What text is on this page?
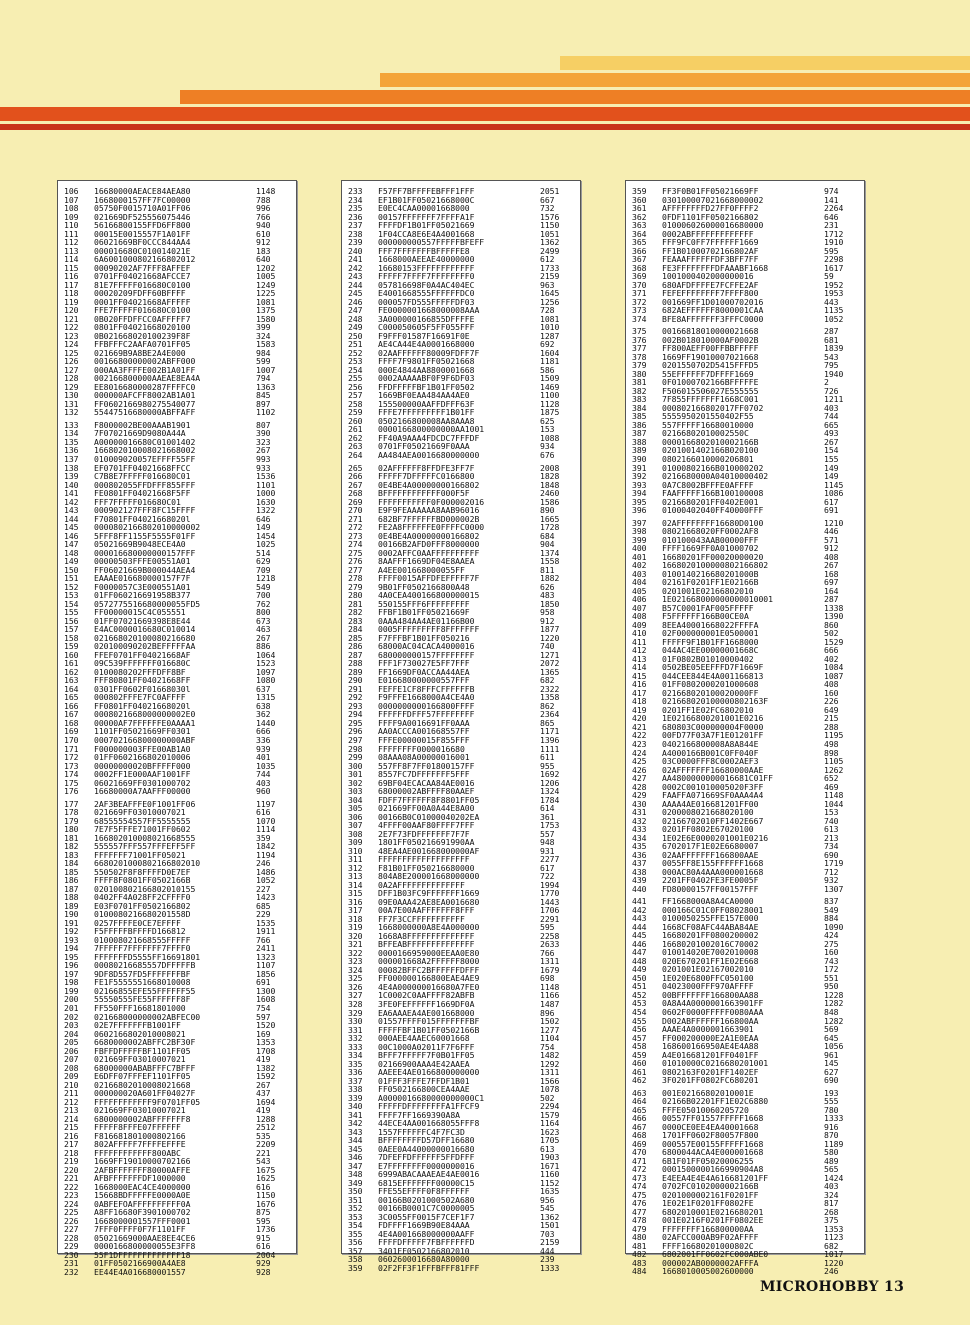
106	16680000AEACE84AEA80	1148
107	1668000157FF7FC00000	788
108	05750F0015710A01FF06	996
109	021669DF525556075446	766
110	56166800155FFD6FF800	940
111	00015E0015557F1A01FF	610
112	06021669BF0CCC844AA4	912
113	000016680C010014021E	183
114	6A6001000802166802012	640
115	00090202AF7FFF8AFFEF	1202
116	0701FF04021668AFCCE7	1005
117	81E7FFFFF016680C0100	1249
118	00020209FDFF60BFFFF	1225
119	0001FF04021668AFFFFF	1081
120	FFE7FFFFF016680C0100	1375
121	0B020FFDFFCC0AFFFFF7	1580
122	0801FF04021668020100	399
123	0B021668020100239F8F	324
124	FFBFFFC2AAFA0701FF05	1583
125	021669B9A8BE2A4E000	984
126	00166800000002ABFF000	599
127	000AA3FFFFE002B1A01FF	1007
128	002166800000AAEAE8EA4A	794
129	EE8016680000287FFFFC0	1363
130	000000AFCFF8002AB1A01	845
131	FF0602166980275540077	897
132	55447516680000ABFFAFF	1102
133	F8000002BE00AAAB1901	807
134	7F07021669D9080A44A	390
135	A00000016680C01001402	323
136	166802010008021668002	267
137	010009020057EFFFF55FF	993
138	EF0701FF04021668FFCC	933
139	C7B8E7FFFFF016680C01	1536
140	000802055FFDFFF855FFF	1101
141	FE0801FF04021668F5FF	1000
142	FFF7FFFFF016680C01	1630
143	000902127FFF8FC15FFFF	1322
144	F70801FF04021668020l	646
145	0000802166802010000002	149
146	5FFF8FF1155F5555F01FF	1454
147	05021669B9048ECE4A0	1025
148	000016680000000157FFF	514
149	00000503FFFE00551A01	629
150	FF06021669B000044AEA4	709
151	EAAAE016680000157F7F	1218
152	F0000057C3E000551A01	549
153	01FF060216691958B377	700
154	0572775516680000055FD5	762
155	FF00000015C4C055551	800
156	01FF07021669398E8E44	673
157	E4AC0000016680C010014	463
158	021668020100080216680	267
159	020100090202BEFFFFFAA	886
160	FFEF0701FF04021668AF	1064
161	09C539FFFFFFF016680C	1523
162	0100080202FFFDFF8BF	1097
163	FFF80801FF04021668FF	1080
164	0301FF0602F01668030l	637
165	000802FFFE7FC0AFFFF	1315
166	FF0801FF04021668020l	638
167	0008021668000000002E0	362
168	00000AF7FFFFFFE0AAAA1	1440
169	1101FF05021669FF0301	666
170	000702166800000000ABF	336
171	F000000003FFE00AB1A0	939
172	01FF0602166802010006	401
173	00000000020BFFFFF000	1035
174	0002FF1E000AAF1001FF	744
175	06021669FF0301000702	403
176	16680000A7AAFFF00000	960
177	2AF3BEAFFFE0F1001FF06	1197
178	021669FF03010007021	616
179	68555554557FF5555555	1070
180	7E7F5FFFE71001FF0602	1114
181	166802010008021668555	359
182	555557FFF557FFFEFF5FF	1842
183	FFFFFFF71001FF05021	1194
184	6680201000802166802010	246
185	550502F8F8FFFFD0E7EF	1486
186	FFFF8F0801FF0502166B	1052
187	020100802166802010155	227
188	0402FF4A028FF2CFFFF0	1423
189	E03F0701FF0502166802	685
190	0100080216680201558D	229
191	0257FFFFE0CE7EFFFF	1535
192	F5FFFFFBFFFFD166812	1911
193	010008021668555FFFFF	766
194	7FFFFF7FFFFFFF7FFFF0	2411
195	FFFFFFFD5555FF16691801	1323
196	00080216685557DFFFFFB	1107
197	9DF8D557FD5FFFFFFFBF	1856
198	FE1F5555551668010008	691
199	02166855EFE55FFFFFF55	1300
200	55550555FE55FFFFFF8F	1608
201	FF550FFF16681801000	754
202	021668000000002ABFEC00	597
203	02E7FFFFFFFB1001FF	1520
204	0602166802010008021	169
205	6680000002ABFFC2BF30F	1353
206	FBFFDFFFFFBF1101FF05	1708
207	021669FF03010007021	419
208	68000000ABABFFFC7BFFF	1382
209	E6DFF07FFFEF1101FF05	1592
210	02166802010008021668	267
211	000000020A601FF04027F	437
212	FFFFFFFFFFFF9F0701FF05	1694
213	021669FF03010007021	419
214	6800000002ABFFFFFFF8	1288
215	FFFFF8FFFE07FFFFFF	2512
216	F816681801000802166	535
217	802AFFFFF7FFFFEFFFE	2209
218	FFFFFFFFFFFF800ABC	221
219	1669FF19010000702166	543
220	2AFBFFFFFFF80000AFFE	1675
221	AFBFFFFFFFDF1000000	1625
222	1668000EAC4CE4000000	616
223	15668BDFFFFFE0000A0E	1150
224	0ABFEFOAFFFFFFFFFF0A	1676
225	A8FF16680F3901000702	875
226	1668000001557FFF0001	595
227	7FFF0FFFF0F7F1101FF	1736
228	05021669000AAE8EE4CE6	915
229	0000166800000055E3FF8	616
230	55F1DFFFFFFFFFFFFF18	2004
231	01FF0502166900A4AE8	929
232	EE44E4A016680001557	928
233	F57FF7BFFFFEBFFF1FFF	2051
234	EF1B01FF05021668000C	667
235	E0EC4CAA00001668000	732
236	00157FFFFFFF7FFFFA1F	1576
237	FFFFDF1B01FF05021669	1150
238	1F04CCA8E6E4A4001668	1051
239	000000000557FFFFFBFEFF	1362
240	FFF7FFFFFFFBFFFFFE8	2499
241	1668000AEEAE40000000	612
242	16680153FFFFFFFFFFFF	1733
243	FFFFF7FFFF7FFFFFFFF0	2159
244	057816698F0A4AC404EC	963
245	E4001668555FFFFFFDC0	1645
246	000057FD555FFFFFDF03	1256
247	FE0000001668000008AAA	728
248	3A000000166855DFFFFE	1081
249	C000050605F5FF055FFF	1010
250	F9FFF01587F16691F0E	1287
251	AE4CA44E4A0001668000	692
252	02AAFFFFFF80009FDFF7F	1604
253	FFFF7F9801FF05021668	1181
254	000E4844AA8800001668	586
255	0002AAAAABF0F9F6DF03	1509
256	FFDFFFFFBF1B01FF0502	1469
257	1669BF0EAA484AA4AE0	1100
258	155500000AAFFDFFF63F	1128
259	FFFE7FFFFFFFFF1B01FF	1875
260	0502166800008AA8AAA8	625
261	0000166800000000AA1001	153
262	FF40A9AAA4FDCDC7FFFDF	1088
263	0701FF05021669F0AAA	934
264	AA484AEA0016680000000	676
265	02AFFFFFF8FFDFE3FF7F	2008
266	FFFFF7DFFFFFC0166800	1828
267	0E4BE4A00000000166802	1848
268	BFFFFFFFFFFFF000F5F	2460
269	FFFFFFFFFFF0F000002016	1586
270	E9F9FEAAAAAA8AAB96016	890
271	682BF7FFFFFFBD000002B	1665
272	FE2A8FFFFFFE0FFFFC0000	1728
273	0E4BE4A00000000166802	684
274	00166B2AFD0FFF8000000	904
275	0002AFFC0AAFFFFFFFFFF	1374
276	8AAFFF1669DF04E8AAEA	1558
277	A4EE001668000055FF	811
278	FFFF0015AFFDFEFFFFF7F	1882
279	9B01FF0502166800A48	626
280	4A0CEA400166800000015	483
281	550155FFF6FFFFFFFFF	1850
282	FFBF1B01FF05021669F	958
283	0AAA484AA4AE01166B00	912
284	0005FFFFFFFFF8FFFFFFF	1877
285	F7FFFBF1B01FF050216	1220
286	68000AC04CACA4000016	740
287	680000000157FFFFFFFF	1271
288	FFF1F730027E5FF7FFF	2072
289	FF1669DF0ACCAA44AEA	1365
290	E016680000000557FFF	682
291	FEFFE1CF8FFFCFFFFFFB	2322
292	F9FFFE1668000A4CE4A0	1358
293	0000000000166800FFFF	862
294	FFFFFFDFFF57FFFFFFFF	2364
295	FFFF9A0016691FF0AAA	865
296	AA0ACCCA001668557FF	1171
297	FFFE00000015F855FFF	1396
298	FFFFFFFF0000016680	1111
299	08AAA08A00000016001	611
300	557FF8F7FF01800157FF	955
301	8557FC7DFFFFFFF5FFF	1692
302	69BF04ECACAA84AE0016	1206
303	68000002ABFFFF80AAEF	1324
304	FDFF7FFFFFF8F8801FF05	1784
305	021669FF00A0A44E8A00	614
306	00166B0C01000040202EA	361
307	4FFFF00AAF80FFFF7FFF	1753
308	2E7F73FDFFFFFFF7F7F	557
309	1801FF050216691990AA	948
310	48EA4AE001668000000AF	931
311	FFFFFFFFFFFFFFFFFFF	2277
312	F81B01FF050216680000	617
313	804A8E200001668000000	722
314	0A2AFFFFFFFFFFFFFF	1994
315	DFF1B03FC9FFFFFFF1669	1770
316	09E0AAA42AE8EA0016680	1443
317	00A7E00AAFFFFFFF8FFF	1706
318	FF7F3CCFFFFFFFFFFF	2291
319	1668000000A8E4A000000	595
320	1668A8FFFFFFFFFFFFFF	2258
321	BFFEABFFFFFFFFFFFFFF	2633
322	0000166959000EEAA0E80	766
323	000001668A2FFFFFF8000	1311
324	00082BFFC2BFFFFFFDFFF	1679
325	FF000000166800EAE4AE9	698
326	4E4A000000016680A7FE0	1148
327	1C0002C0AAFFFF82ABFB	1166
328	3FE0FEFFFFFF1669DF0A	1487
329	EA6AAAEA4AE001668000	896
330	01557FFFF015FFFFFFFBF	1502
331	FFFFFBF1B01FF0502166B	1277
332	000AEE4AAEC60001668	1104
333	00C1000A02011F7F6FFF	754
334	BFFF7FFFFF7F0B01FF05	1482
335	02166900AAA4E42AAEA	1292
336	AAEEE4AE0166800000000	1311
337	01FFF3FFFE7FFDF1B01	1566
338	FF0502166800CEA4AAE	1078
339	A0000016680000000000C1	502
340	FFFFFDFFFFFFFFA1FFCF9	2294
341	FFFF7FF1669390A8A	1579
342	44ECE4AA001668055FFF8	1164
343	1557FFFFFFC4F7FC3D	1623
344	BFFFFFFFFD57DFF16680	1705
345	0AEE0A44000000016680	613
346	7DFEFFDFFFFFF5FFDFFF	1903
347	E7FFFFFFFF0000000016	1671
348	6999ABACAAAEAE4AE0016	1160
349	6815EFFFFFFF00000C15	1152
350	FFE55EFFFF0F8FFFFFF	1635
351	00166B0201000502A680	956
352	00166B0001C7C0000005	545
353	3C0055FF0015F7CEF1F7	1362
354	FDFFFF1669B90E84AAA	1501
355	4E4A001668000000AAFF	703
356	FFFFDFFFFF7FBFFFFFFD	2159
357	3401FF0502166802010	444
358	0602600016680A80000	239
359	02F2FF3F1FFFBFFF81FFF	1333
359	FF3F0B01FF05021669FF	974
360	030100007021668000002	141
361	AFFFFFFFFD27FF0FFFF2	2264
362	0FDF1101FF0502166802	646
363	010006026000016680000	231
364	0002ABFFFFFFFFFFFFF	1712
365	FFF9FC0FF7FFFFFF1669	1910
366	FF1B01000702166802AF	595
367	FEAAAFFFFFFDF3BFF7FF	2298
368	FE3FFFFFFFFDFAAABF1668	1617
369	1001000402000000016	59
370	680AFDFFFFE7FCFFE2AF	1952
371	FEFEFFFFFFFF7FFFF800	1953
372	001669FF1D01000702016	443
373	682AEFFFFFF8000001CAA	1135
374	BFE8AFFFFFFF3FFFC0000	1052
375	00166818010000021668	287
376	002B018010000AF0002B	681
377	FF800AEFF00FFBBFFFFF	1839
378	1669FF19010007021668	543
379	0201550702D5415FFFD5	795
380	55EFFFFFF7DFFFF1669	1940
381	0F01000702166BFFFFFE	2
382	F506015506027E555555	726
383	7F855FFFFFFF1668C001	1211
384	000802166802017FF0702	403
385	5555950201550402F55	744
386	557FFFFF16680010000	665
387	02166802010002550C	493
388	0000166802010002166B	267
389	0201001402166B020100	154
390	0802166010000206801	155
391	01000802166B010000202	149
392	0216680000A04010000402	149
393	0A7C8002BFFFE0AFFFF	1145
394	FAAFFFFF166B100100008	1086
395	0216680201FF0402E001	617
396	01000402040FF40000FFF	691
397	02AFFFFFFFF16680D0100	1210
398	08021668020FF0002AF8	446
399	010100043AAB00000FFF	571
400	FFFF1669FF0A01000702	912
401	16680201FF00020000020	408
402	1668020100000802166802	267
403	0100140216680201000B	168
404	02161F0201FF1E02166B	697
405	0201001E02166802010	164
406	1E021668000000000010001	287
407	B57C0001FAF005FFFFF	1338
408	F5FFFFFF166B00CE0A	1390
409	8EEA40001668022FFFFA	860
410	02F000000001E0500001	502
411	FFFFF9F1B01FF1668000	1529
412	044AC4EE00000001668C	666
413	01F0802B01010000402	402
414	0502BE05EEFFFD7F1669F	1084
415	044CEE844E4A001166813	1087
416	01FF0802000201000608	408
417	021668020100020000FF	160
418	021668020100000802163F	226
419	0201FF1E02FC6802010	649
420	1E02166800201001E0216	215
421	680803C000000004F0000	288
422	00FD77F03A7F1E01201FF	1195
423	0402166800008A8A844E	498
424	A4000166B001C0FF040F	898
425	03C0000FFF8C0002AEF3	1105
426	02AFFFFFFF16680000AAE	1262
427	AA4800000000016681C01FF	652
428	0002C001010005020F3FF	469
429	FAAFFA071669SF0AAA4A4	1148
430	AAAA4AE016681201FF00	1044
431	0200008021668020100	153
432	02166702010FF1402E667	740
433	0201FF0802E67020100	613
434	1E02E6E0000201001E0216	213
435	6702017F1E02E6680007	734
436	02AAFFFFFFF166800AAE	690
437	0055FF8E155FFFFFF1668	1719
438	000AC80A4AAA000001668	712
439	2201FF0402FE3FE0005F	932
440	FD80000157FF00157FFF	1307
441	FF1668000A8A4CA0000	837
442	000166C01C0FF08028001	549
443	0100050255FFE157E000	884
444	1668CF08AFC44ABA84AE	1090
445	16680201FF0800200002	424
446	16680201002016C70002	275
447	010014020E7002010008	160
448	020E670201FF1E02E668	743
449	0201001E02167002010	172
450	1E020E6800FFC050100	551
451	04023000FFF970AFFFF	950
452	00BFFFFFFF166800AA88	1228
453	0A8A4A0000001663901FF	1282
454	0602F0000FFFFF0080AAA	848
455	D002ABFFFFFF166800AA	1282
456	AAAE4A0000001663901	569
457	FF000200000E2A1E0EAA	645
458	168600166950AE4E4A88	1056
459	A4E016681201FF0401FF	961
460	01010000C0216680201001	145
461	0802163F0201FF1402EF	627
462	3F0201FF0802FC680201	690
463	001E02166802010001E	193
464	02166B02201FF1E02C6880	555
465	FFFE05010060205720	780
466	00557FF01557FFFFF1668	1333
467	0000CE0EE4EA40001668	916
468	1701FF0602F80057F800	870
469	000557E00155FFFFF1668	1189
470	6800044ACA4E000001668	580
471	6B1F01FF05020006255	489
472	0001500000166990904A8	565
473	E4EEA4E4E4A616681201FF	1424
474	0702FC0102000002166B	403
475	0201000002161F0201FF	324
476	1E02E1F0201FF0802FE	817
477	6802010001E0216680201	268
478	001E0216F0201FF0802EE	375
479	FFFFFFFF166800000AA	1353
480	02AFCC000AB9F02AFFFF	1123
481	FFFF16680201000802C	682
482	6802001FF0602FC000ABE0	1017
483	000002AB0000002AFFFA	1220
484	1668010005002600000	246
MICROHOBBY 13
